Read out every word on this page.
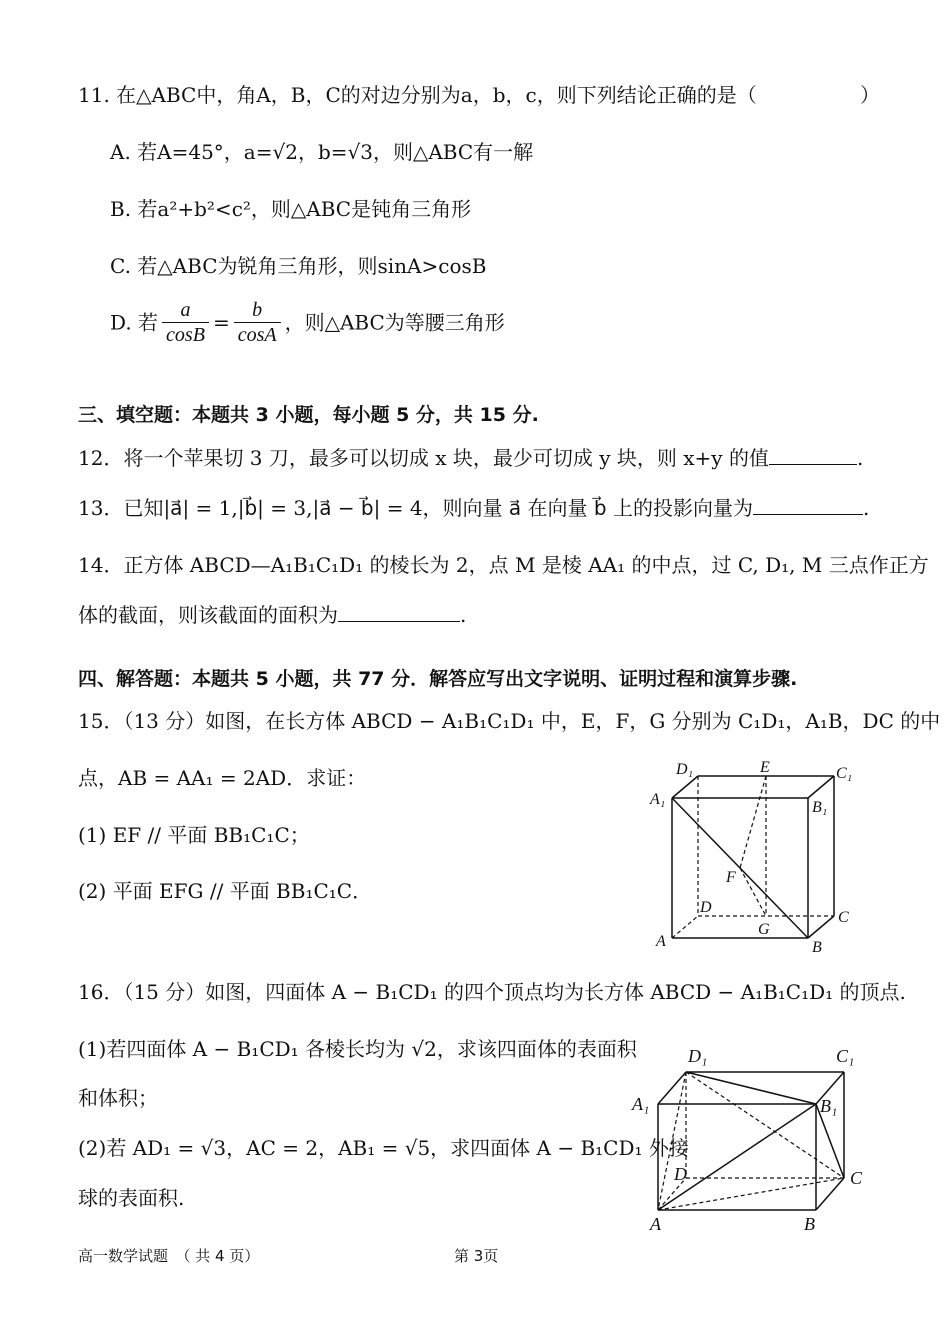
11. 在△ABC中，角A，B，C的对边分别为a，b，c，则下列结论正确的是（	）
A. 若A=45°，a=√2，b=√3，则△ABC有一解
B. 若a²+b²<c²，则△ABC是钝角三角形
C. 若△ABC为锐角三角形，则sinA>cosB
D. 若 $\frac{a}{\cos B} = \frac{b}{\cos A}$ ，则△ABC为等腰三角形
三、填空题：本题共 3 小题，每小题 5 分，共 15 分.
12．将一个苹果切 3 刀，最多可以切成 x 块，最少可切成 y 块，则 x+y 的值	.
13．已知|a⃗| = 1,|b⃗| = 3,|a⃗ − b⃗| = 4，则向量 a⃗ 在向量 b⃗ 上的投影向量为	.
14．正方体 ABCD—A₁B₁C₁D₁ 的棱长为 2，点 M 是棱 AA₁ 的中点，过 C, D₁, M 三点作正方
体的截面，则该截面的面积为	.
四、解答题：本题共 5 小题，共 77 分．解答应写出文字说明、证明过程和演算步骤.
15．（13 分）如图，在长方体 ABCD − A₁B₁C₁D₁ 中，E，F，G 分别为 C₁D₁，A₁B，DC 的中
点，AB = AA₁ = 2AD．求证：
(1) EF // 平面 BB₁C₁C；
(2) 平面 EFG // 平面 BB₁C₁C．
D₁	E	C₁
A₁	B₁
F
D
C
G
A	B
16．（15 分）如图，四面体 A − B₁CD₁ 的四个顶点均为长方体 ABCD − A₁B₁C₁D₁ 的顶点.
(1)若四面体 A − B₁CD₁ 各棱长均为 √2，求该四面体的表面积
和体积；
(2)若 AD₁ = √3，AC = 2，AB₁ = √5，求四面体 A − B₁CD₁ 外接
球的表面积.
D₁	C₁
A₁	B₁
D	C
A	B
高一数学试题　（ 共 4 页）	第 3页
